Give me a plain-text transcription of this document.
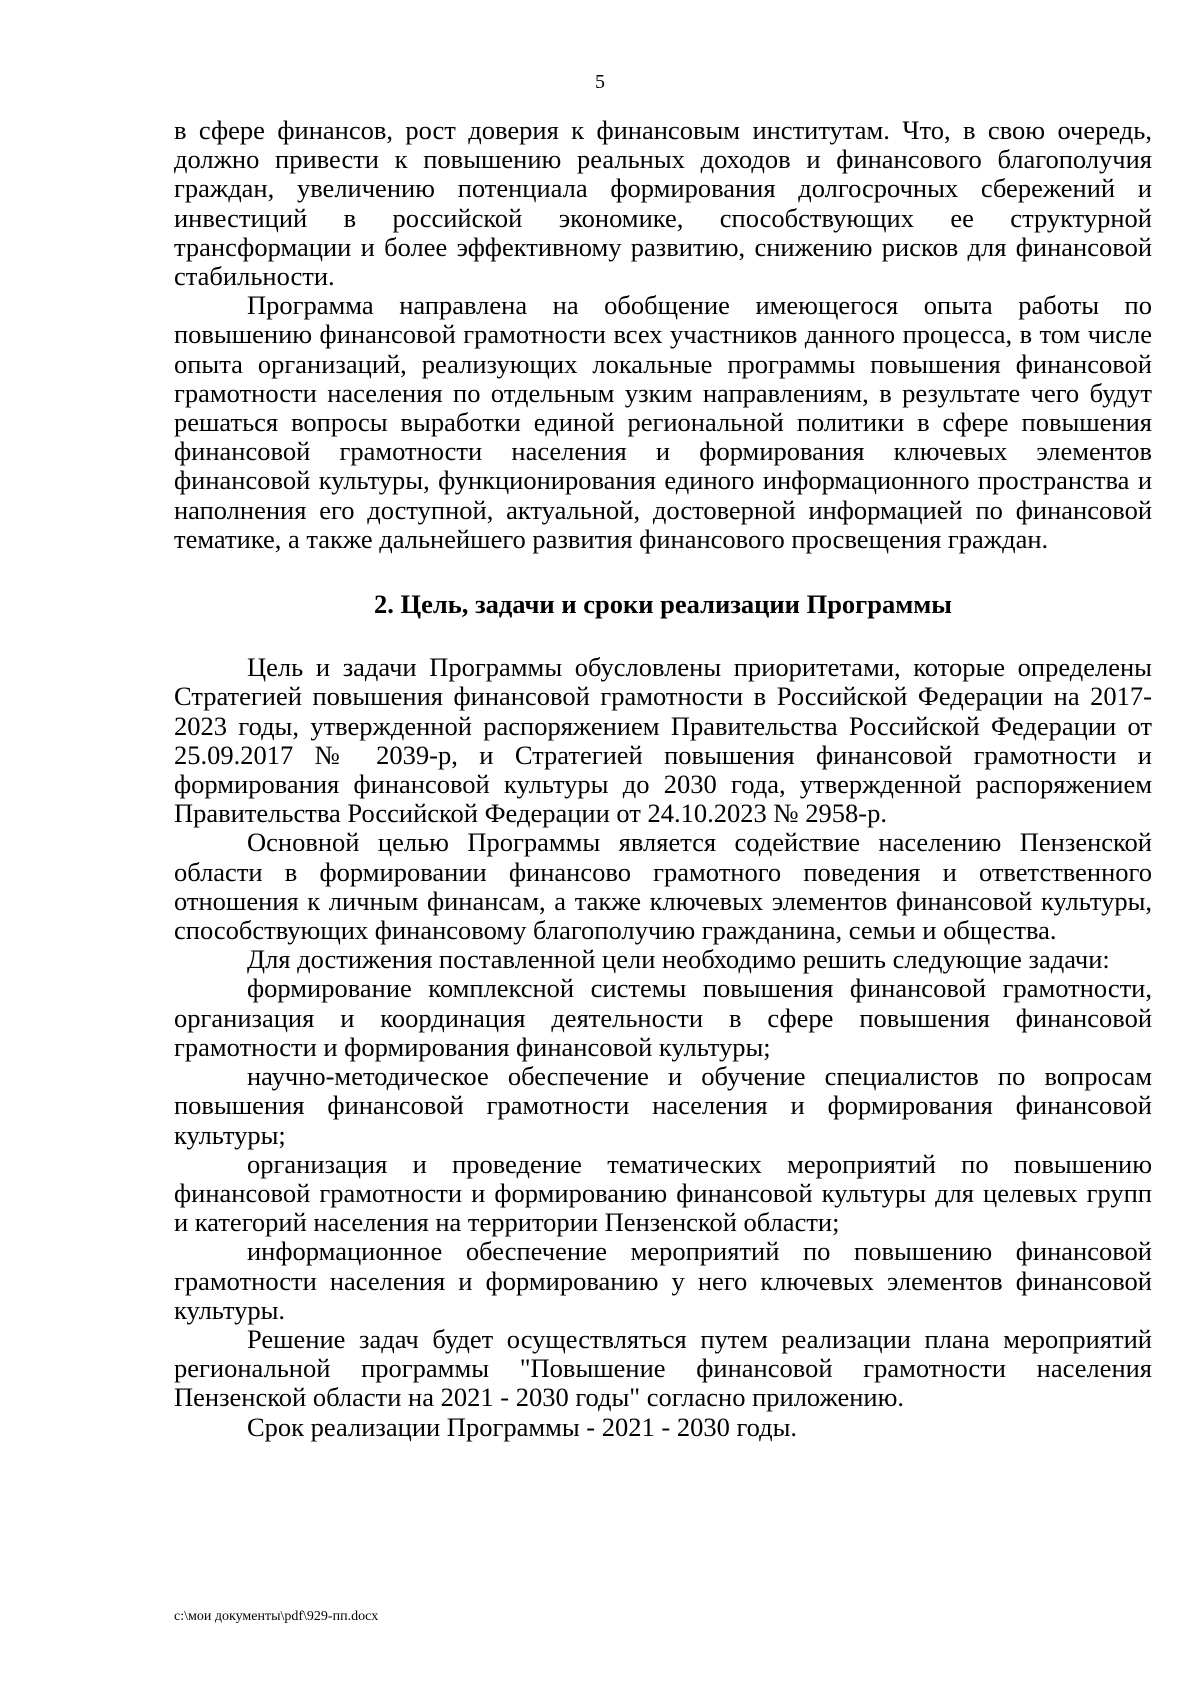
5

в сфере финансов, рост доверия к финансовым институтам. Что, в свою очередь, должно привести к повышению реальных доходов и финансового благополучия граждан, увеличению потенциала формирования долгосрочных сбережений и инвестиций в российской экономике, способствующих ее структурной трансформации и более эффективному развитию, снижению рисков для финансовой стабильности.

Программа направлена на обобщение имеющегося опыта работы по повышению финансовой грамотности всех участников данного процесса, в том числе опыта организаций, реализующих локальные программы повышения финансовой грамотности населения по отдельным узким направлениям, в результате чего будут решаться вопросы выработки единой региональной политики в сфере повышения финансовой грамотности населения и формирования ключевых элементов финансовой культуры, функционирования единого информационного пространства и наполнения его доступной, актуальной, достоверной информацией по финансовой тематике, а также дальнейшего развития финансового просвещения граждан.

2. Цель, задачи и сроки реализации Программы

Цель и задачи Программы обусловлены приоритетами, которые определены Стратегией повышения финансовой грамотности в Российской Федерации на 2017-2023 годы, утвержденной распоряжением Правительства Российской Федерации от 25.09.2017 № 2039-р, и Стратегией повышения финансовой грамотности и формирования финансовой культуры до 2030 года, утвержденной распоряжением Правительства Российской Федерации от 24.10.2023 № 2958-р.

Основной целью Программы является содействие населению Пензенской области в формировании финансово грамотного поведения и ответственного отношения к личным финансам, а также ключевых элементов финансовой культуры, способствующих финансовому благополучию гражданина, семьи и общества.

Для достижения поставленной цели необходимо решить следующие задачи:

формирование комплексной системы повышения финансовой грамотности, организация и координация деятельности в сфере повышения финансовой грамотности и формирования финансовой культуры;

научно-методическое обеспечение и обучение специалистов по вопросам повышения финансовой грамотности населения и формирования финансовой культуры;

организация и проведение тематических мероприятий по повышению финансовой грамотности и формированию финансовой культуры для целевых групп и категорий населения на территории Пензенской области;

информационное обеспечение мероприятий по повышению финансовой грамотности населения и формированию у него ключевых элементов финансовой культуры.

Решение задач будет осуществляться путем реализации плана мероприятий региональной программы "Повышение финансовой грамотности населения Пензенской области на 2021 - 2030 годы" согласно приложению.

Срок реализации Программы - 2021 - 2030 годы.

c:\мои документы\pdf\929-пп.docx
